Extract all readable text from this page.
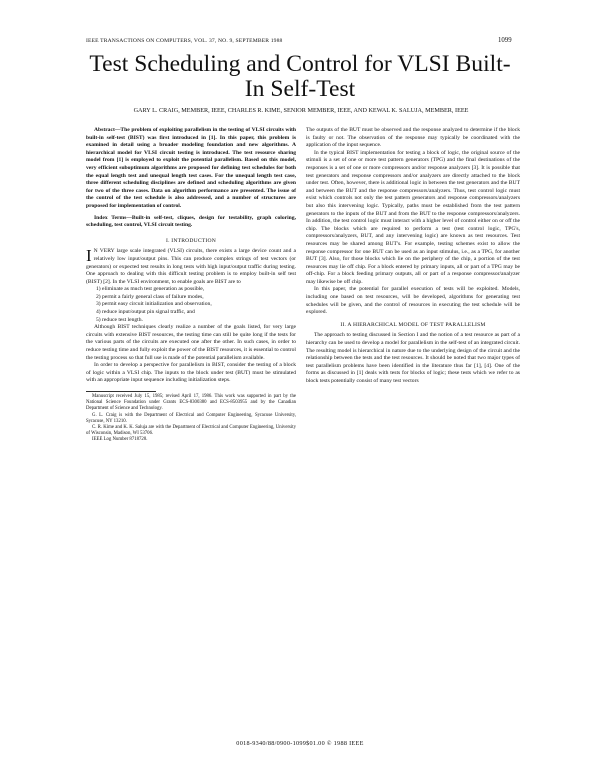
IEEE TRANSACTIONS ON COMPUTERS, VOL. 37, NO. 9, SEPTEMBER 1988	1099
Test Scheduling and Control for VLSI Built-In Self-Test
GARY L. CRAIG, MEMBER, IEEE, CHARLES R. KIME, SENIOR MEMBER, IEEE, AND KEWAL K. SALUJA, MEMBER, IEEE

Abstract—The problem of exploiting parallelism in the testing of VLSI circuits with built-in self-test (BIST) was first introduced in [1]. In this paper, this problem is examined in detail using a broader modeling foundation and new algorithms. A hierarchical model for VLSI circuit testing is introduced. The test resource sharing model from [1] is employed to exploit the potential parallelism. Based on this model, very efficient suboptimum algorithms are proposed for defining test schedules for both the equal length test and unequal length test cases. For the unequal length test case, three different scheduling disciplines are defined and scheduling algorithms are given for two of the three cases. Data on algorithm performance are presented. The issue of the control of the test schedule is also addressed, and a number of structures are proposed for implementation of control.

Index Terms—Built-in self-test, cliques, design for testability, graph coloring, scheduling, test control, VLSI circuit testing.

I. INTRODUCTION

I N VERY large scale integrated (VLSI) circuits, there exists a large device count and a relatively low input/output pins. This can produce complex strings of test vectors (or generators) or expected test results in long tests with high input/output traffic during testing. One approach to dealing with this difficult testing problem is to employ built-in self test (BIST) [2]. In the VLSI environment, to enable goals are BIST are to

1) eliminate as much test generation as possible,
2) permit a fairly general class of failure modes,
3) permit easy circuit initialization and observation,
4) reduce input/output pin signal traffic, and
5) reduce test length.

Although BIST techniques clearly realize a number of the goals listed, for very large circuits with extensive BIST resources, the testing time can still be quite long if the tests for the various parts of the circuits are executed one after the other. In such cases, in order to reduce testing time and fully exploit the power of the BIST resources, it is essential to control the testing process so that full use is made of the potential parallelism available.

In order to develop a perspective for parallelism in BIST, consider the testing of a block of logic within a VLSI chip. The inputs to the block under test (BUT) must be stimulated with an appropriate input sequence including initialization steps.

Manuscript received July 15, 1985; revised April 17, 1986. This work was supported in part by the National Science Foundation under Grants ECS-8300380 and ECS-8503955 and by the Canadian Department of Science and Technology.

G. L. Craig is with the Department of Electrical and Computer Engineering, Syracuse University, Syracuse, NY 13210.

C. R. Kime and K. K. Saluja are with the Department of Electrical and Computer Engineering, University of Wisconsin, Madison, WI 53706.

IEEE Log Number 8718728.

The outputs of the BUT must be observed and the response analyzed to determine if the block is faulty or not. The observation of the response may typically be coordinated with the application of the input sequence.

In the typical BIST implementation for testing a block of logic, the original source of the stimuli is a set of one or more test pattern generators (TPG) and the final destinations of the responses is a set of one or more compressors and/or response analyzers [3]. It is possible that test generators and response compressors and/or analyzers are directly attached to the block under test. Often, however, there is additional logic in between the test generators and the BUT and between the BUT and the response compressors/analyzers. Thus, test control logic must exist which controls not only the test pattern generators and response compressors/analyzers but also this intervening logic. Typically, paths must be established from the test pattern generators to the inputs of the BUT and from the BUT to the response compressors/analyzers. In addition, the test control logic must interact with a higher level of control either on or off the chip. The blocks which are required to perform a test (test control logic, TPG's, compressors/analyzers, BUT, and any intervening logic) are known as test resources. Test resources may be shared among BUT's. For example, testing schemes exist to allow the response compressor for one BUT can be used as an input stimulus, i.e., as a TPG, for another BUT [3]. Also, for those blocks which lie on the periphery of the chip, a portion of the test resources may lie off chip. For a block entered by primary inputs, all or part of a TPG may be off-chip. For a block feeding primary outputs, all or part of a response compressor/analyzer may likewise be off chip.

In this paper, the potential for parallel execution of tests will be exploited. Models, including one based on test resources, will be developed, algorithms for generating test schedules will be given, and the control of resources in executing the test schedule will be explored.

II. A HIERARCHICAL MODEL OF TEST PARALLELISM

The approach to testing discussed in Section I and the notion of a test resource as part of a hierarchy can be used to develop a model for parallelism in the self-test of an integrated circuit. The resulting model is hierarchical in nature due to the underlying design of the circuit and the relationship between the tests and the test resources. It should be noted that two major types of test parallelism problems have been identified in the literature thus far [1], [4]. One of the forms as discussed in [1] deals with tests for blocks of logic; these tests which we refer to as block tests potentially consist of many test vectors

0018-9340/88/0900-1099$01.00 © 1988 IEEE
